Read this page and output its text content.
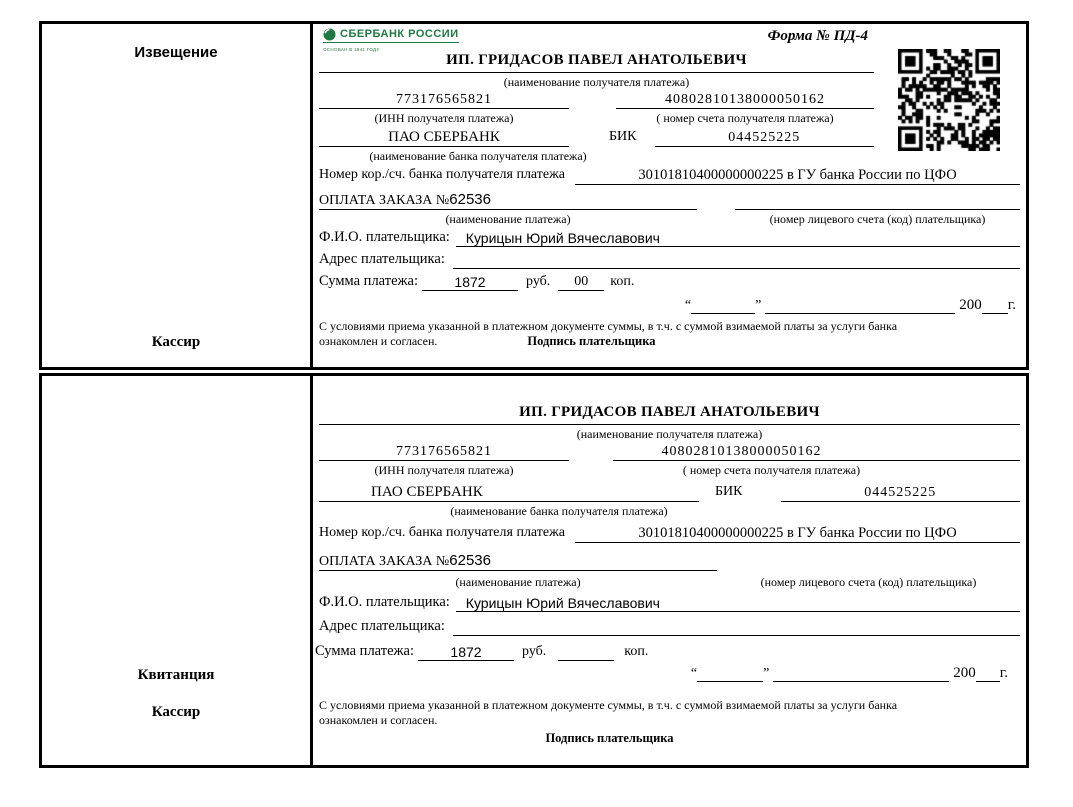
Извещение
Кассир
СБЕРБАНК РОССИИ
ОСНОВАН В 1841 ГОДУ
Форма № ПД-4
ИП. ГРИДАСОВ ПАВЕЛ АНАТОЛЬЕВИЧ
(наименование получателя платежа)
773176565821	40802810138000050162
(ИНН получателя платежа)	( номер счета получателя платежа)
ПАО СБЕРБАНК	БИК	044525225
(наименование банка получателя платежа)
Номер кор./сч. банка получателя платежа	30101810400000000225 в ГУ банка России по ЦФО
ОПЛАТА ЗАКАЗА №62536
(наименование платежа)	(номер лицевого счета (код) плательщика)
Ф.И.О. плательщика:	Курицын Юрий Вячеславович
Адрес плательщика:
Сумма платежа:	1872	руб.	00	коп.
“	”	200 г.
С условиями приема указанной в платежном документе суммы, в т.ч. с суммой взимаемой платы за услуги банка
ознакомлен и согласен.	Подпись плательщика
Квитанция
Кассир
ИП. ГРИДАСОВ ПАВЕЛ АНАТОЛЬЕВИЧ
(наименование получателя платежа)
773176565821	40802810138000050162
(ИНН получателя платежа)	( номер счета получателя платежа)
ПАО СБЕРБАНК	БИК	044525225
(наименование банка получателя платежа)
Номер кор./сч. банка получателя платежа	30101810400000000225 в ГУ банка России по ЦФО
ОПЛАТА ЗАКАЗА №62536
(наименование платежа)	(номер лицевого счета (код) плательщика)
Ф.И.О. плательщика:	Курицын Юрий Вячеславович
Адрес плательщика:
Сумма платежа:	1872	руб.	коп.
“	”	200 г.
С условиями приема указанной в платежном документе суммы, в т.ч. с суммой взимаемой платы за услуги банка
ознакомлен и согласен.
Подпись плательщика
